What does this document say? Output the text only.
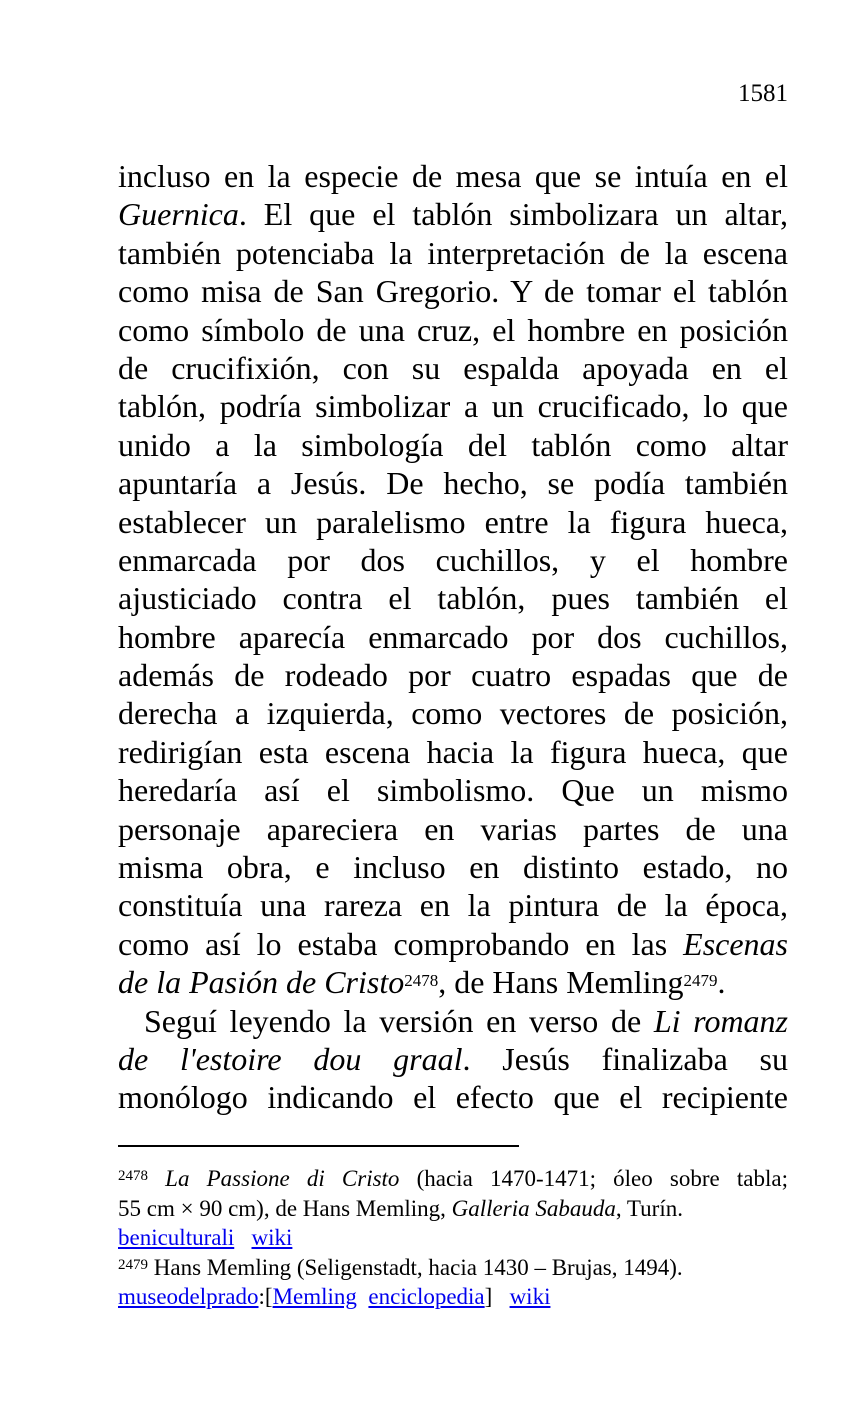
1581
incluso en la especie de mesa que se intuía en el
Guernica. El que el tablón simbolizara un altar,
también potenciaba la interpretación de la escena
como misa de San Gregorio. Y de tomar el tablón
como símbolo de una cruz, el hombre en posición
de crucifixión, con su espalda apoyada en el
tablón, podría simbolizar a un crucificado, lo que
unido a la simbología del tablón como altar
apuntaría a Jesús. De hecho, se podía también
establecer un paralelismo entre la figura hueca,
enmarcada por dos cuchillos, y el hombre
ajusticiado contra el tablón, pues también el
hombre aparecía enmarcado por dos cuchillos,
además de rodeado por cuatro espadas que de
derecha a izquierda, como vectores de posición,
redirigían esta escena hacia la figura hueca, que
heredaría así el simbolismo. Que un mismo
personaje apareciera en varias partes de una
misma obra, e incluso en distinto estado, no
constituía una rareza en la pintura de la época,
como así lo estaba comprobando en las Escenas
de la Pasión de Cristo$^{2478}$, de Hans Memling$^{2479}$.
Seguí leyendo la versión en verso de Li romanz
de l'estoire dou graal. Jesús finalizaba su
monólogo indicando el efecto que el recipiente
$^{2478}$ La Passione di Cristo (hacia 1470-1471; óleo sobre tabla;
55 cm × 90 cm), de Hans Memling, Galleria Sabauda, Turín.
beniculturali wiki
$^{2479}$ Hans Memling (Seligenstadt, hacia 1430 – Brujas, 1494).
museodelprado:[Memling enciclopedia] wiki
